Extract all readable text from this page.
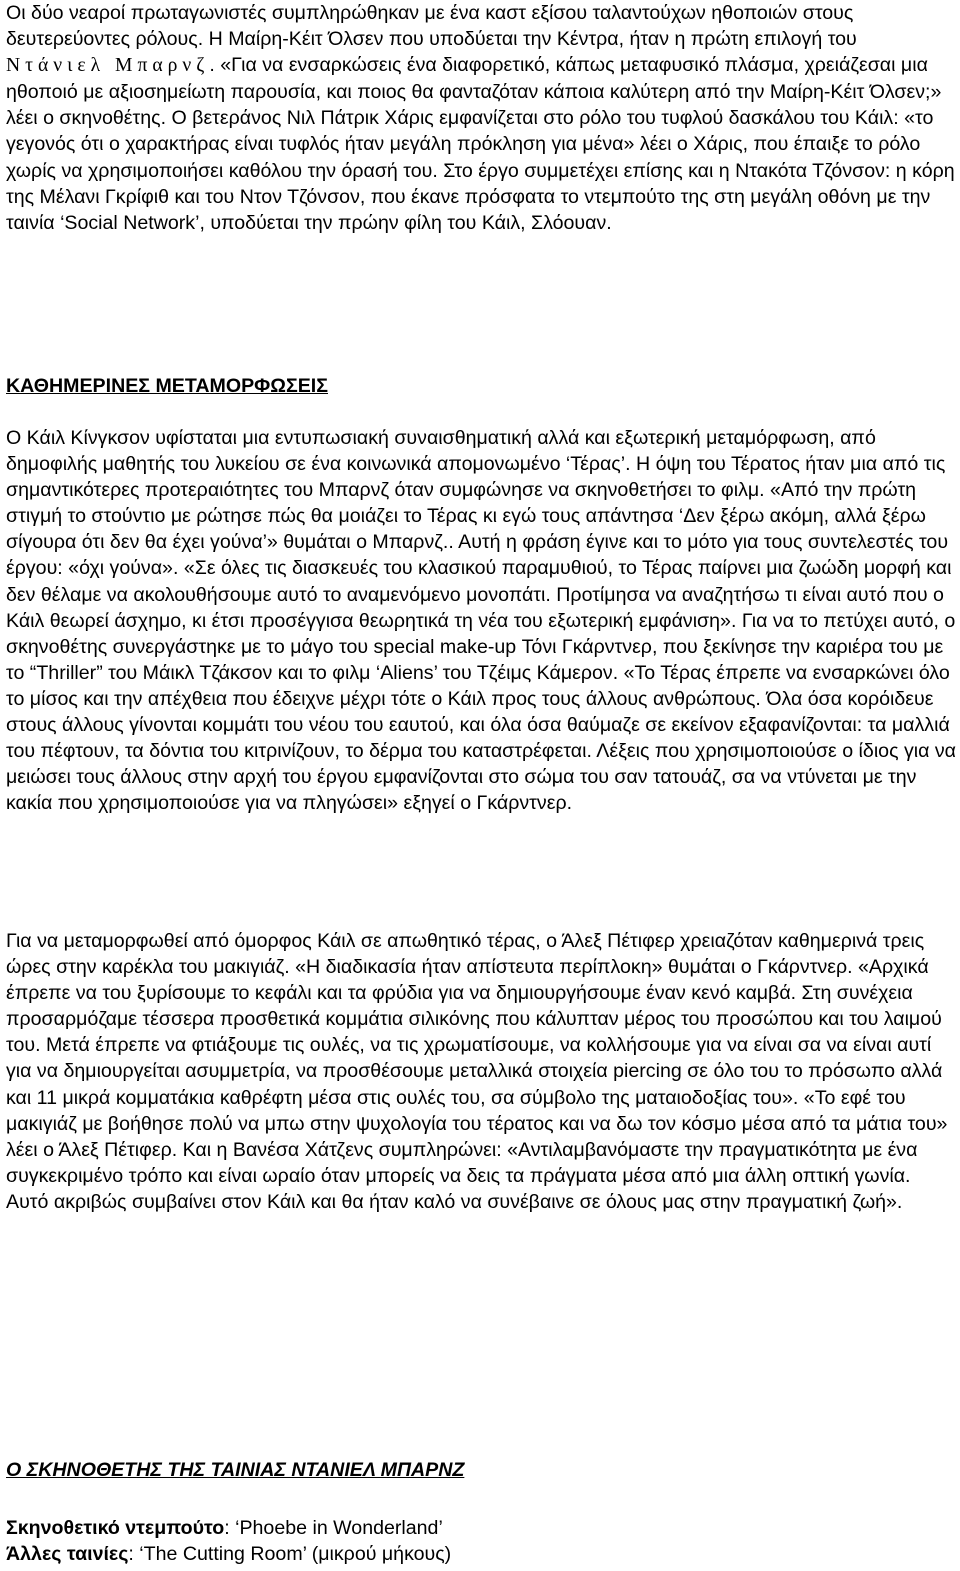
Οι δύο νεαροί πρωταγωνιστές συμπληρώθηκαν με ένα καστ εξίσου ταλαντούχων ηθοποιών στους δευτερεύοντες ρόλους. Η Μαίρη-Κέιτ Όλσεν που υποδύεται την Κέντρα, ήταν η πρώτη επιλογή του Ντάνιελ Μπαρνζ. «Για να ενσαρκώσεις ένα διαφορετικό, κάπως μεταφυσικό πλάσμα, χρειάζεσαι μια ηθοποιό με αξιοσημείωτη παρουσία, και ποιος θα φανταζόταν κάποια καλύτερη από την Μαίρη-Κέιτ Όλσεν;» λέει ο σκηνοθέτης. Ο βετεράνος Νιλ Πάτρικ Χάρις εμφανίζεται στο ρόλο του τυφλού δασκάλου του Κάιλ: «το γεγονός ότι ο χαρακτήρας είναι τυφλός ήταν μεγάλη πρόκληση για μένα» λέει ο Χάρις, που έπαιξε το ρόλο χωρίς να χρησιμοποιήσει καθόλου την όρασή του. Στο έργο συμμετέχει επίσης και η Ντακότα Τζόνσον: η κόρη της Μέλανι Γκρίφιθ και του Ντον Τζόνσον, που έκανε πρόσφατα το ντεμπούτο της στη μεγάλη οθόνη με την ταινία ‘Social Network’, υποδύεται την πρώην φίλη του Κάιλ, Σλόουαν.

ΚΑΘΗΜΕΡΙΝΕΣ ΜΕΤΑΜΟΡΦΩΣΕΙΣ

Ο Κάιλ Κίνγκσον υφίσταται μια εντυπωσιακή συναισθηματική αλλά και εξωτερική μεταμόρφωση, από δημοφιλής μαθητής του λυκείου σε ένα κοινωνικά απομονωμένο ‘Τέρας’. Η όψη του Τέρατος ήταν μια από τις σημαντικότερες προτεραιότητες του Μπαρνζ όταν συμφώνησε να σκηνοθετήσει το φιλμ. «Από την πρώτη στιγμή το στούντιο με ρώτησε πώς θα μοιάζει το Τέρας κι εγώ τους απάντησα ‘Δεν ξέρω ακόμη, αλλά ξέρω σίγουρα ότι δεν θα έχει γούνα’» θυμάται ο Μπαρνζ.. Αυτή η φράση έγινε και το μότο για τους συντελεστές του έργου: «όχι γούνα». «Σε όλες τις διασκευές του κλασικού παραμυθιού, το Τέρας παίρνει μια ζωώδη μορφή και δεν θέλαμε να ακολουθήσουμε αυτό το αναμενόμενο μονοπάτι. Προτίμησα να αναζητήσω τι είναι αυτό που ο Κάιλ θεωρεί άσχημο, κι έτσι προσέγγισα θεωρητικά τη νέα του εξωτερική εμφάνιση». Για να το πετύχει αυτό, ο σκηνοθέτης συνεργάστηκε με το μάγο του special make-up Τόνι Γκάρντνερ, που ξεκίνησε την καριέρα του με το “Thriller” του Μάικλ Τζάκσον και το φιλμ ‘Aliens’ του Τζέιμς Κάμερον. «Το Τέρας έπρεπε να ενσαρκώνει όλο το μίσος και την απέχθεια που έδειχνε μέχρι τότε ο Κάιλ προς τους άλλους ανθρώπους. Όλα όσα κορόιδευε στους άλλους γίνονται κομμάτι του νέου του εαυτού, και όλα όσα θαύμαζε σε εκείνον εξαφανίζονται: τα μαλλιά του πέφτουν, τα δόντια του κιτρινίζουν, το δέρμα του καταστρέφεται. Λέξεις που χρησιμοποιούσε ο ίδιος για να μειώσει τους άλλους στην αρχή του έργου εμφανίζονται στο σώμα του σαν τατουάζ, σα να ντύνεται με την κακία που χρησιμοποιούσε για να πληγώσει» εξηγεί ο Γκάρντνερ.

Για να μεταμορφωθεί από όμορφος Κάιλ σε απωθητικό τέρας, ο Άλεξ Πέτιφερ χρειαζόταν καθημερινά τρεις ώρες στην καρέκλα του μακιγιάζ. «Η διαδικασία ήταν απίστευτα περίπλοκη» θυμάται ο Γκάρντνερ. «Αρχικά έπρεπε να του ξυρίσουμε το κεφάλι και τα φρύδια για να δημιουργήσουμε έναν κενό καμβά. Στη συνέχεια προσαρμόζαμε τέσσερα προσθετικά κομμάτια σιλικόνης που κάλυπταν μέρος του προσώπου και του λαιμού του. Μετά έπρεπε να φτιάξουμε τις ουλές, να τις χρωματίσουμε, να κολλήσουμε για να είναι σα να είναι αυτί για να δημιουργείται ασυμμετρία, να προσθέσουμε μεταλλικά στοιχεία piercing σε όλο του το πρόσωπο αλλά και 11 μικρά κομματάκια καθρέφτη μέσα στις ουλές του, σα σύμβολο της ματαιοδοξίας του». «Το εφέ του μακιγιάζ με βοήθησε πολύ να μπω στην ψυχολογία του τέρατος και να δω τον κόσμο μέσα από τα μάτια του» λέει ο Άλεξ Πέτιφερ. Και η Βανέσα Χάτζενς συμπληρώνει: «Αντιλαμβανόμαστε την πραγματικότητα με ένα συγκεκριμένο τρόπο και είναι ωραίο όταν μπορείς να δεις τα πράγματα μέσα από μια άλλη οπτική γωνία. Αυτό ακριβώς συμβαίνει στον Κάιλ και θα ήταν καλό να συνέβαινε σε όλους μας στην πραγματική ζωή».

Ο ΣΚΗΝΟΘΕΤΗΣ ΤΗΣ ΤΑΙΝΙΑΣ ΝΤΑΝΙΕΛ ΜΠΑΡΝΖ

Σκηνοθετικό ντεμπούτο: ‘Phoebe in Wonderland’

Άλλες ταινίες: ‘The Cutting Room’ (μικρού μήκους)
